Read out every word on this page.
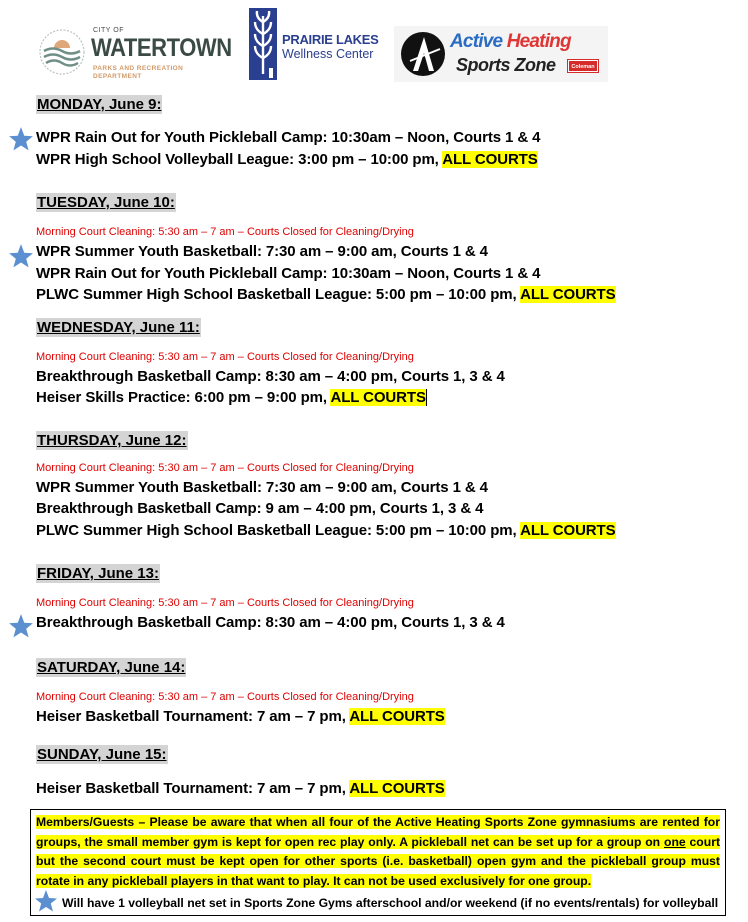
CITY OF
WATERTOWN
PARKS AND RECREATION
DEPARTMENT
PRAIRIE LAKES
Wellness Center
Active Heating
Sports Zone	Coleman
MONDAY, June 9:
WPR Rain Out for Youth Pickleball Camp: 10:30am – Noon, Courts 1 & 4
WPR High School Volleyball League: 3:00 pm – 10:00 pm, ALL COURTS
TUESDAY, June 10:
Morning Court Cleaning: 5:30 am – 7 am – Courts Closed for Cleaning/Drying
WPR Summer Youth Basketball: 7:30 am – 9:00 am, Courts 1 & 4
WPR Rain Out for Youth Pickleball Camp: 10:30am – Noon, Courts 1 & 4
PLWC Summer High School Basketball League: 5:00 pm – 10:00 pm, ALL COURTS
WEDNESDAY, June 11:
Morning Court Cleaning: 5:30 am – 7 am – Courts Closed for Cleaning/Drying
Breakthrough Basketball Camp: 8:30 am – 4:00 pm, Courts 1, 3 & 4
Heiser Skills Practice: 6:00 pm – 9:00 pm, ALL COURTS
THURSDAY, June 12:
Morning Court Cleaning: 5:30 am – 7 am – Courts Closed for Cleaning/Drying
WPR Summer Youth Basketball: 7:30 am – 9:00 am, Courts 1 & 4
Breakthrough Basketball Camp: 9 am – 4:00 pm, Courts 1, 3 & 4
PLWC Summer High School Basketball League: 5:00 pm – 10:00 pm, ALL COURTS
FRIDAY, June 13:
Morning Court Cleaning: 5:30 am – 7 am – Courts Closed for Cleaning/Drying
Breakthrough Basketball Camp: 8:30 am – 4:00 pm, Courts 1, 3 & 4
SATURDAY, June 14:
Morning Court Cleaning: 5:30 am – 7 am – Courts Closed for Cleaning/Drying
Heiser Basketball Tournament: 7 am – 7 pm, ALL COURTS
SUNDAY, June 15:
Heiser Basketball Tournament: 7 am – 7 pm, ALL COURTS
Members/Guests – Please be aware that when all four of the Active Heating Sports Zone gymnasiums are rented for groups, the small member gym is kept for open rec play only. A pickleball net can be set up for a group on one court but the second court must be kept open for other sports (i.e. basketball) open gym and the pickleball group must rotate in any pickleball players in that want to play. It can not be used exclusively for one group.
Will have 1 volleyball net set in Sports Zone Gyms afterschool and/or weekend (if no events/rentals) for volleyball
